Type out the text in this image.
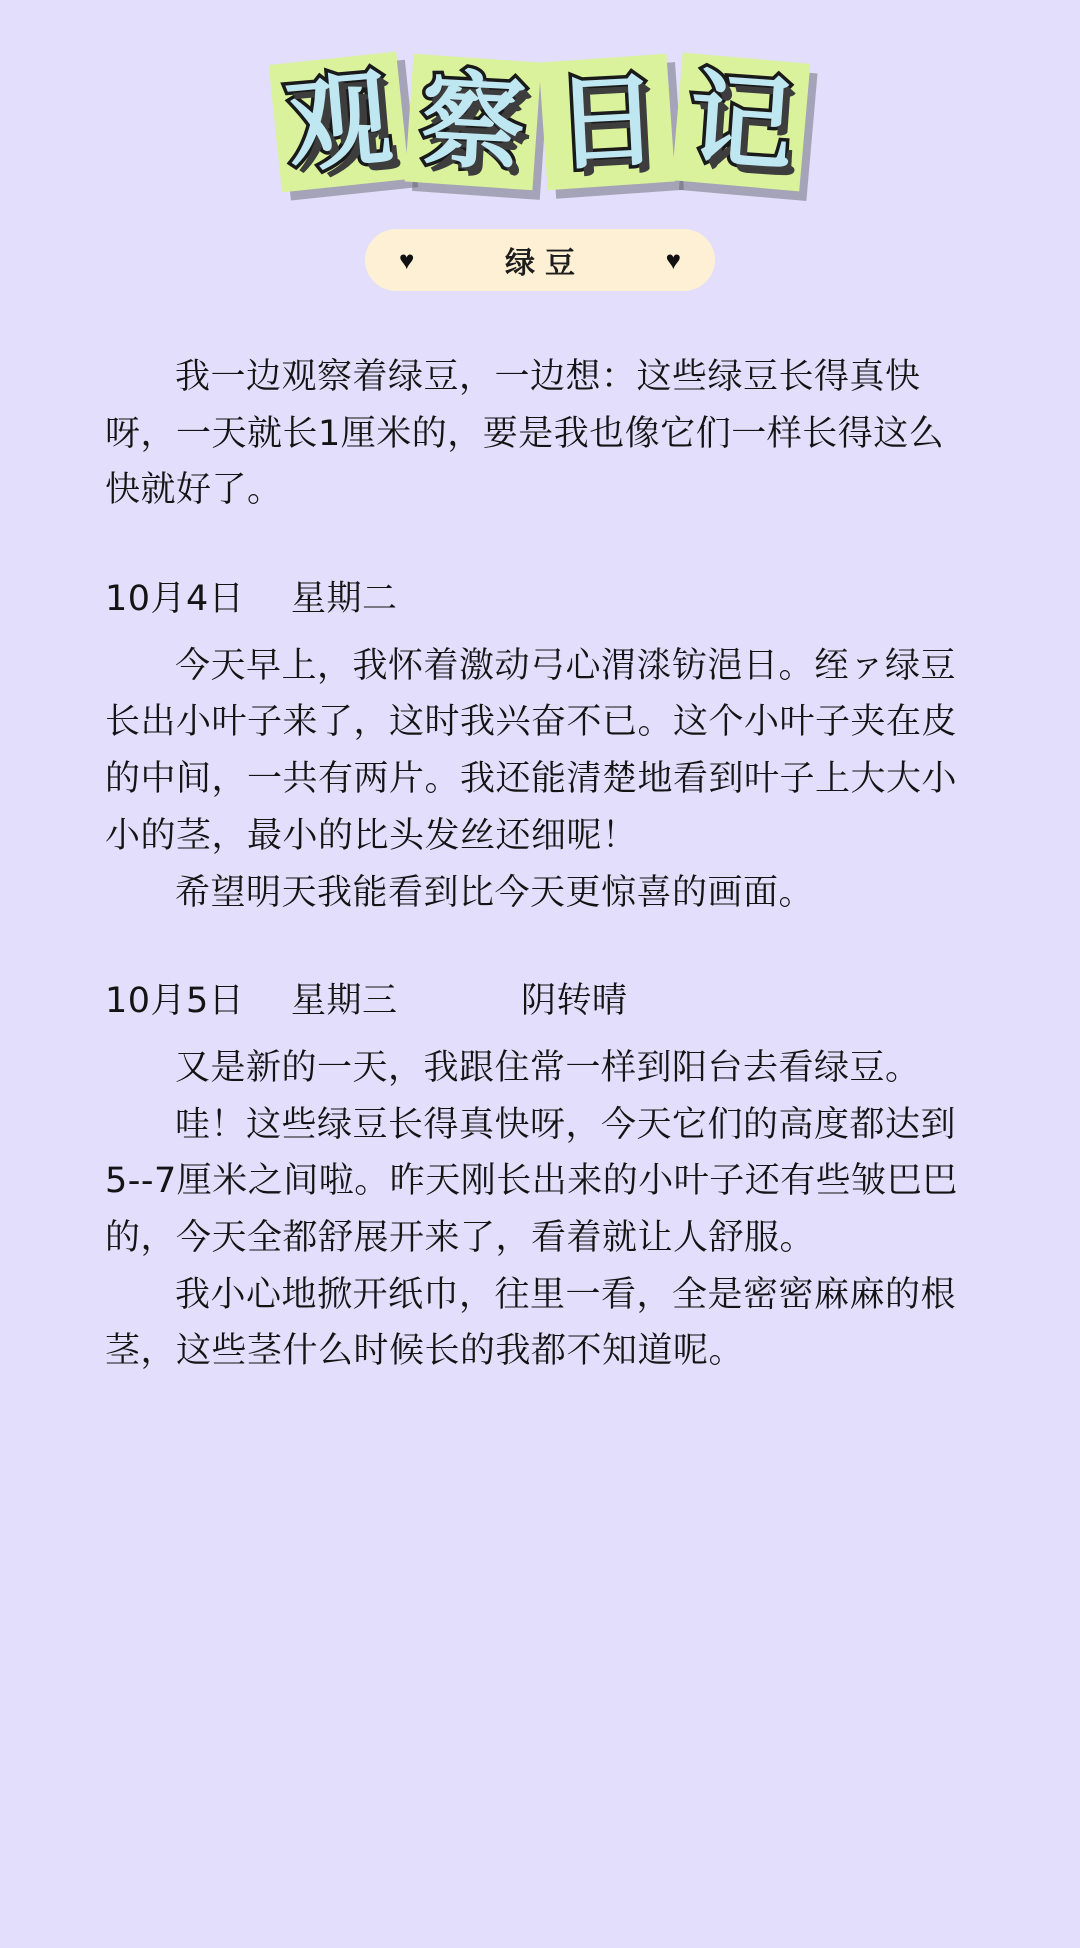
观 察 日 记
♥	绿豆	♥

我一边观察着绿豆，一边想：这些绿豆长得真快呀，一天就长1厘米的，要是我也像它们一样长得这么快就好了。

10月4日	星期二

今天早上，我怀着激动弓心渭渁钫浥日。绖ァ绿豆长出小叶子来了，这时我兴奋不已。这个小叶子夹在皮的中间，一共有两片。我还能清楚地看到叶子上大大小小的茎，最小的比头发丝还细呢！

希望明天我能看到比今天更惊喜的画面。

10月5日	星期三	阴转晴

又是新的一天，我跟住常一样到阳台去看绿豆。

哇！这些绿豆长得真快呀，今天它们的高度都达到5--7厘米之间啦。昨天刚长出来的小叶子还有些皱巴巴的，今天全都舒展开来了，看着就让人舒服。

我小心地掀开纸巾，往里一看，全是密密麻麻的根茎，这些茎什么时候长的我都不知道呢。
